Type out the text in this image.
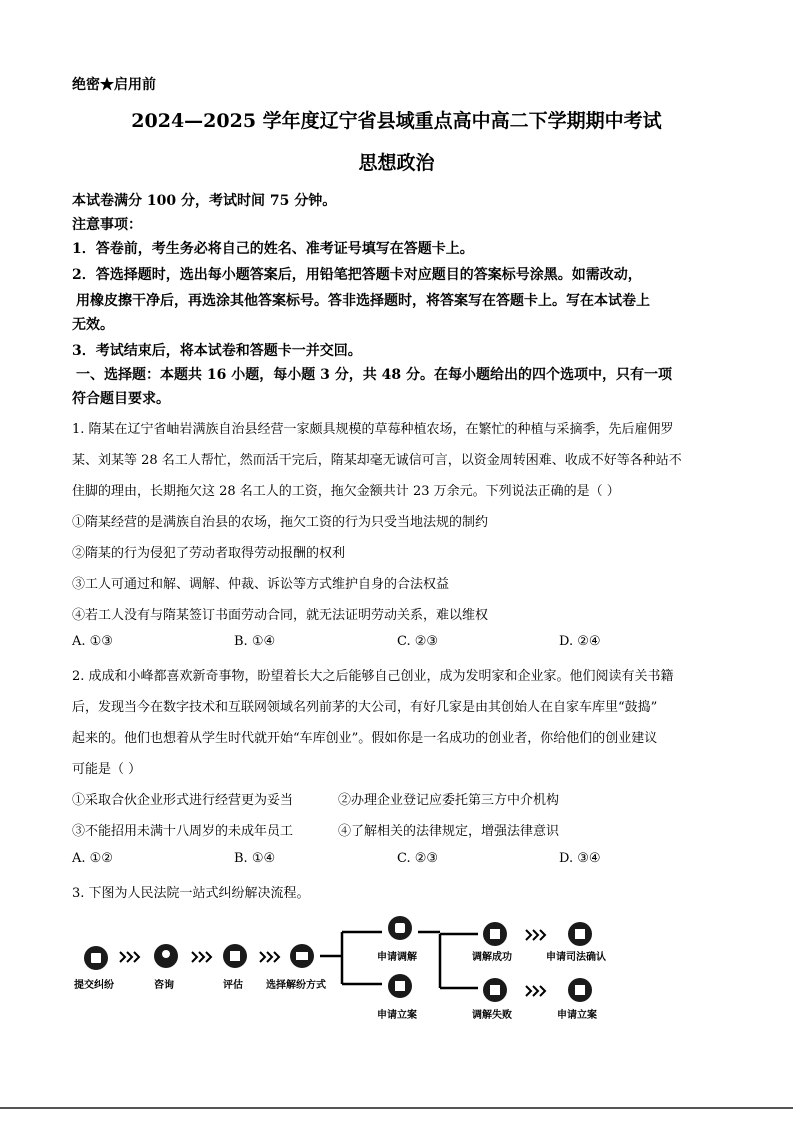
绝密★启用前
2024—2025 学年度辽宁省县域重点高中高二下学期期中考试
思想政治
本试卷满分 100 分，考试时间 75 分钟。
注意事项：
1．答卷前，考生务必将自己的姓名、准考证号填写在答题卡上。
2．答选择题时，选出每小题答案后，用铅笔把答题卡对应题目的答案标号涂黑。如需改动，
用橡皮擦干净后，再选涂其他答案标号。答非选择题时，将答案写在答题卡上。写在本试卷上
无效。
3．考试结束后，将本试卷和答题卡一并交回。
一、选择题：本题共 16 小题，每小题 3 分，共 48 分。在每小题给出的四个选项中，只有一项
符合题目要求。
1. 隋某在辽宁省岫岩满族自治县经营一家颇具规模的草莓种植农场，在繁忙的种植与采摘季，先后雇佣罗
某、刘某等 28 名工人帮忙，然而活干完后，隋某却毫无诚信可言，以资金周转困难、收成不好等各种站不
住脚的理由，长期拖欠这 28 名工人的工资，拖欠金额共计 23 万余元。下列说法正确的是（ ）
①隋某经营的是满族自治县的农场，拖欠工资的行为只受当地法规的制约
②隋某的行为侵犯了劳动者取得劳动报酬的权利
③工人可通过和解、调解、仲裁、诉讼等方式维护自身的合法权益
④若工人没有与隋某签订书面劳动合同，就无法证明劳动关系，难以维权
A. ①③	B. ①④	C. ②③	D. ②④
2. 成成和小峰都喜欢新奇事物，盼望着长大之后能够自己创业，成为发明家和企业家。他们阅读有关书籍
后，发现当今在数字技术和互联网领域名列前茅的大公司，有好几家是由其创始人在自家车库里“鼓捣”
起来的。他们也想着从学生时代就开始“车库创业”。假如你是一名成功的创业者，你给他们的创业建议
可能是（ ）
①采取合伙企业形式进行经营更为妥当	②办理企业登记应委托第三方中介机构
③不能招用未满十八周岁的未成年员工	④了解相关的法律规定，增强法律意识
A. ①②	B. ①④	C. ②③	D. ③④
3. 下图为人民法院一站式纠纷解决流程。
提交纠纷	咨询	评估 选择解纷方式
申请调解	调解成功	申请司法确认
申请立案	调解失败	申请立案
